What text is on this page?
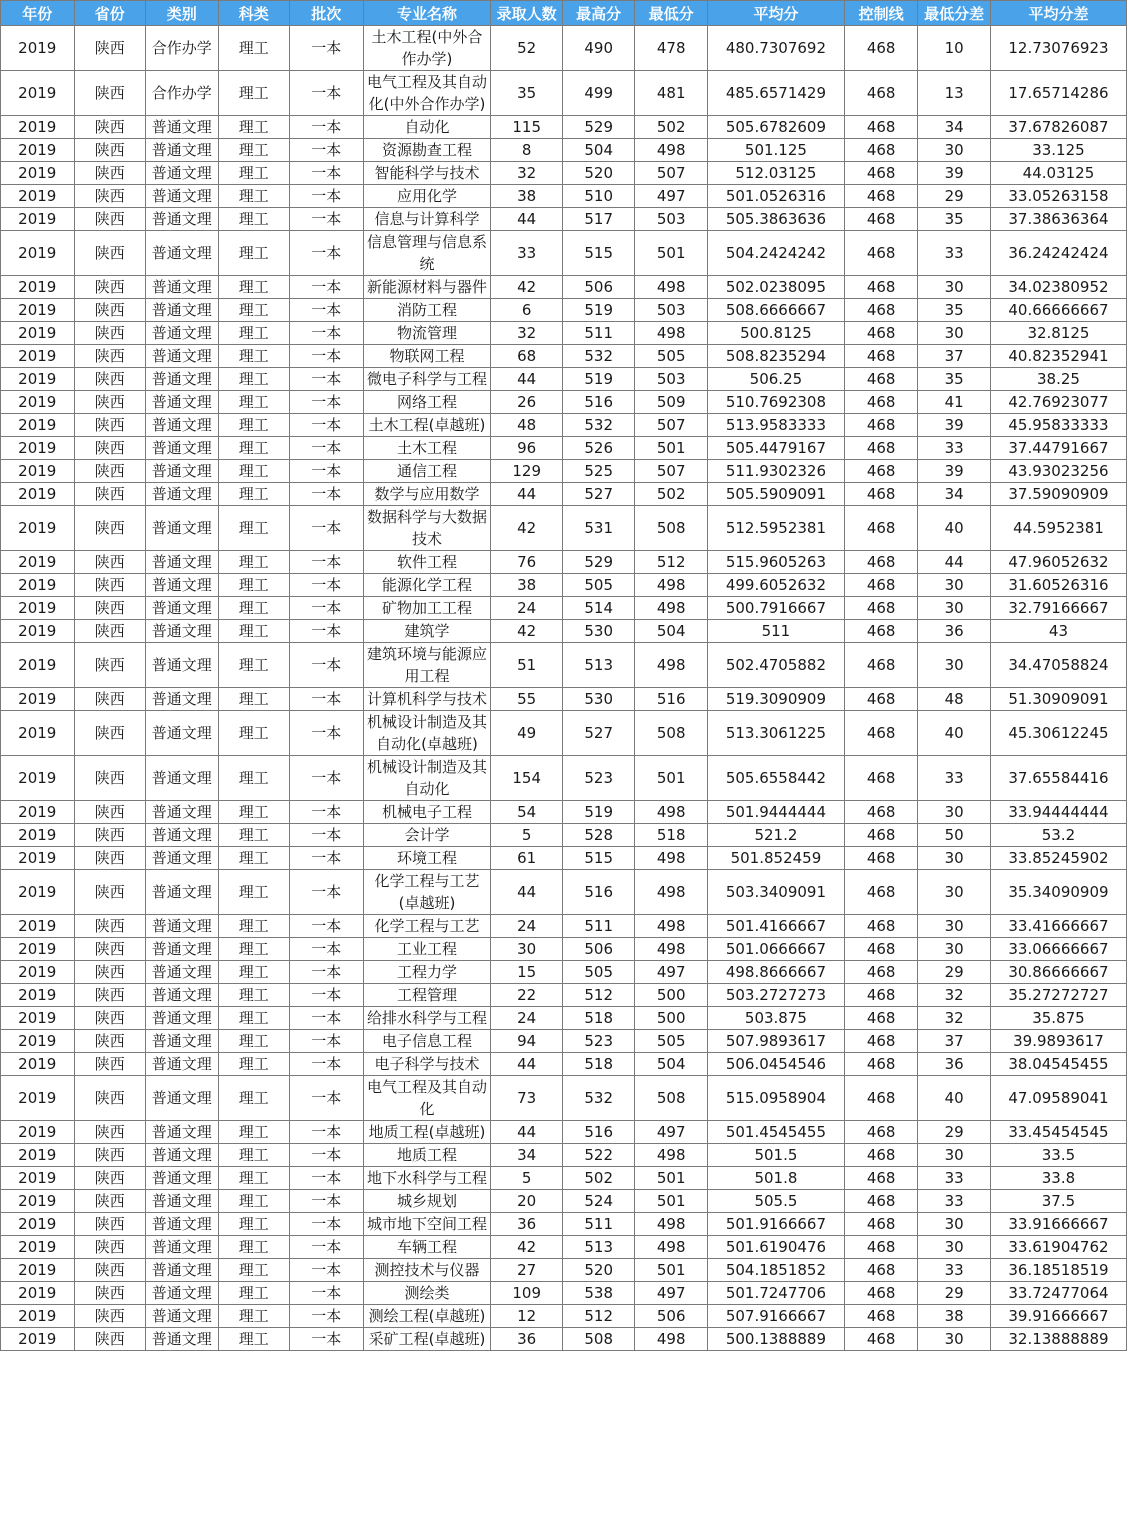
年份	省份	类别	科类	批次	专业名称	录取人数	最高分	最低分	平均分	控制线	最低分差	平均分差
2019	陕西	合作办学	理工	一本	土木工程(中外合作办学)	52	490	478	480.7307692	468	10	12.73076923
2019	陕西	合作办学	理工	一本	电气工程及其自动化(中外合作办学)	35	499	481	485.6571429	468	13	17.65714286
2019	陕西	普通文理	理工	一本	自动化	115	529	502	505.6782609	468	34	37.67826087
2019	陕西	普通文理	理工	一本	资源勘查工程	8	504	498	501.125	468	30	33.125
2019	陕西	普通文理	理工	一本	智能科学与技术	32	520	507	512.03125	468	39	44.03125
2019	陕西	普通文理	理工	一本	应用化学	38	510	497	501.0526316	468	29	33.05263158
2019	陕西	普通文理	理工	一本	信息与计算科学	44	517	503	505.3863636	468	35	37.38636364
2019	陕西	普通文理	理工	一本	信息管理与信息系统	33	515	501	504.2424242	468	33	36.24242424
2019	陕西	普通文理	理工	一本	新能源材料与器件	42	506	498	502.0238095	468	30	34.02380952
2019	陕西	普通文理	理工	一本	消防工程	6	519	503	508.6666667	468	35	40.66666667
2019	陕西	普通文理	理工	一本	物流管理	32	511	498	500.8125	468	30	32.8125
2019	陕西	普通文理	理工	一本	物联网工程	68	532	505	508.8235294	468	37	40.82352941
2019	陕西	普通文理	理工	一本	微电子科学与工程	44	519	503	506.25	468	35	38.25
2019	陕西	普通文理	理工	一本	网络工程	26	516	509	510.7692308	468	41	42.76923077
2019	陕西	普通文理	理工	一本	土木工程(卓越班)	48	532	507	513.9583333	468	39	45.95833333
2019	陕西	普通文理	理工	一本	土木工程	96	526	501	505.4479167	468	33	37.44791667
2019	陕西	普通文理	理工	一本	通信工程	129	525	507	511.9302326	468	39	43.93023256
2019	陕西	普通文理	理工	一本	数学与应用数学	44	527	502	505.5909091	468	34	37.59090909
2019	陕西	普通文理	理工	一本	数据科学与大数据技术	42	531	508	512.5952381	468	40	44.5952381
2019	陕西	普通文理	理工	一本	软件工程	76	529	512	515.9605263	468	44	47.96052632
2019	陕西	普通文理	理工	一本	能源化学工程	38	505	498	499.6052632	468	30	31.60526316
2019	陕西	普通文理	理工	一本	矿物加工工程	24	514	498	500.7916667	468	30	32.79166667
2019	陕西	普通文理	理工	一本	建筑学	42	530	504	511	468	36	43
2019	陕西	普通文理	理工	一本	建筑环境与能源应用工程	51	513	498	502.4705882	468	30	34.47058824
2019	陕西	普通文理	理工	一本	计算机科学与技术	55	530	516	519.3090909	468	48	51.30909091
2019	陕西	普通文理	理工	一本	机械设计制造及其自动化(卓越班)	49	527	508	513.3061225	468	40	45.30612245
2019	陕西	普通文理	理工	一本	机械设计制造及其自动化	154	523	501	505.6558442	468	33	37.65584416
2019	陕西	普通文理	理工	一本	机械电子工程	54	519	498	501.9444444	468	30	33.94444444
2019	陕西	普通文理	理工	一本	会计学	5	528	518	521.2	468	50	53.2
2019	陕西	普通文理	理工	一本	环境工程	61	515	498	501.852459	468	30	33.85245902
2019	陕西	普通文理	理工	一本	化学工程与工艺(卓越班)	44	516	498	503.3409091	468	30	35.34090909
2019	陕西	普通文理	理工	一本	化学工程与工艺	24	511	498	501.4166667	468	30	33.41666667
2019	陕西	普通文理	理工	一本	工业工程	30	506	498	501.0666667	468	30	33.06666667
2019	陕西	普通文理	理工	一本	工程力学	15	505	497	498.8666667	468	29	30.86666667
2019	陕西	普通文理	理工	一本	工程管理	22	512	500	503.2727273	468	32	35.27272727
2019	陕西	普通文理	理工	一本	给排水科学与工程	24	518	500	503.875	468	32	35.875
2019	陕西	普通文理	理工	一本	电子信息工程	94	523	505	507.9893617	468	37	39.9893617
2019	陕西	普通文理	理工	一本	电子科学与技术	44	518	504	506.0454546	468	36	38.04545455
2019	陕西	普通文理	理工	一本	电气工程及其自动化	73	532	508	515.0958904	468	40	47.09589041
2019	陕西	普通文理	理工	一本	地质工程(卓越班)	44	516	497	501.4545455	468	29	33.45454545
2019	陕西	普通文理	理工	一本	地质工程	34	522	498	501.5	468	30	33.5
2019	陕西	普通文理	理工	一本	地下水科学与工程	5	502	501	501.8	468	33	33.8
2019	陕西	普通文理	理工	一本	城乡规划	20	524	501	505.5	468	33	37.5
2019	陕西	普通文理	理工	一本	城市地下空间工程	36	511	498	501.9166667	468	30	33.91666667
2019	陕西	普通文理	理工	一本	车辆工程	42	513	498	501.6190476	468	30	33.61904762
2019	陕西	普通文理	理工	一本	测控技术与仪器	27	520	501	504.1851852	468	33	36.18518519
2019	陕西	普通文理	理工	一本	测绘类	109	538	497	501.7247706	468	29	33.72477064
2019	陕西	普通文理	理工	一本	测绘工程(卓越班)	12	512	506	507.9166667	468	38	39.91666667
2019	陕西	普通文理	理工	一本	采矿工程(卓越班)	36	508	498	500.1388889	468	30	32.13888889
